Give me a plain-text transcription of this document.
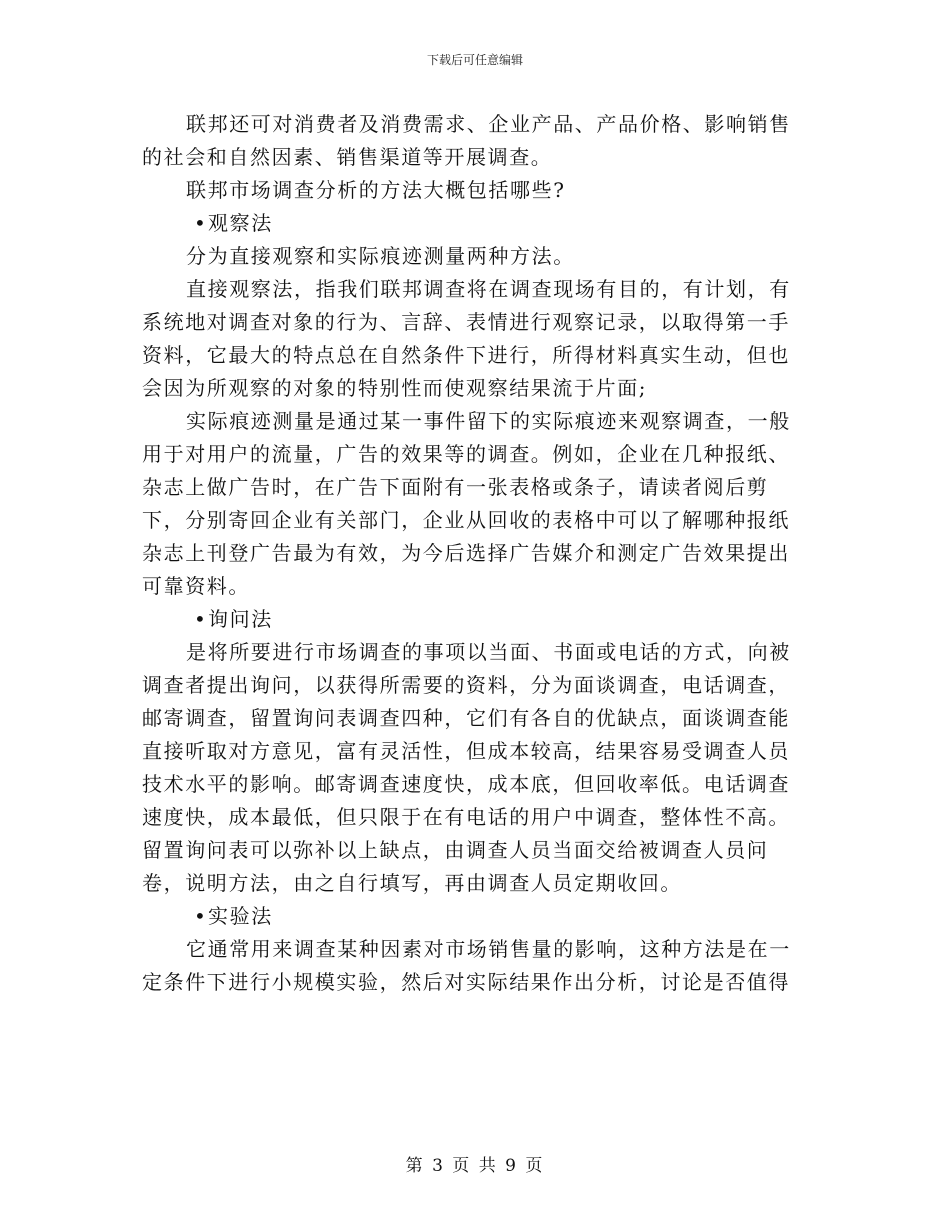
下载后可任意编辑

联邦还可对消费者及消费需求、企业产品、产品价格、影响销售的社会和自然因素、销售渠道等开展调查。

联邦市场调查分析的方法大概包括哪些?

•观察法

分为直接观察和实际痕迹测量两种方法。

直接观察法，指我们联邦调查将在调查现场有目的，有计划，有系统地对调查对象的行为、言辞、表情进行观察记录，以取得第一手资料，它最大的特点总在自然条件下进行，所得材料真实生动，但也会因为所观察的对象的特别性而使观察结果流于片面;

实际痕迹测量是通过某一事件留下的实际痕迹来观察调查，一般用于对用户的流量，广告的效果等的调查。例如，企业在几种报纸、杂志上做广告时，在广告下面附有一张表格或条子，请读者阅后剪下，分别寄回企业有关部门，企业从回收的表格中可以了解哪种报纸杂志上刊登广告最为有效，为今后选择广告媒介和测定广告效果提出可靠资料。

•询问法

是将所要进行市场调查的事项以当面、书面或电话的方式，向被调查者提出询问，以获得所需要的资料，分为面谈调查，电话调查，邮寄调查，留置询问表调查四种，它们有各自的优缺点，面谈调查能直接听取对方意见，富有灵活性，但成本较高，结果容易受调查人员技术水平的影响。邮寄调查速度快，成本底，但回收率低。电话调查速度快，成本最低，但只限于在有电话的用户中调查，整体性不高。留置询问表可以弥补以上缺点，由调查人员当面交给被调查人员问卷，说明方法，由之自行填写，再由调查人员定期收回。

•实验法

它通常用来调查某种因素对市场销售量的影响，这种方法是在一定条件下进行小规模实验，然后对实际结果作出分析，讨论是否值得

第 3 页 共 9 页
